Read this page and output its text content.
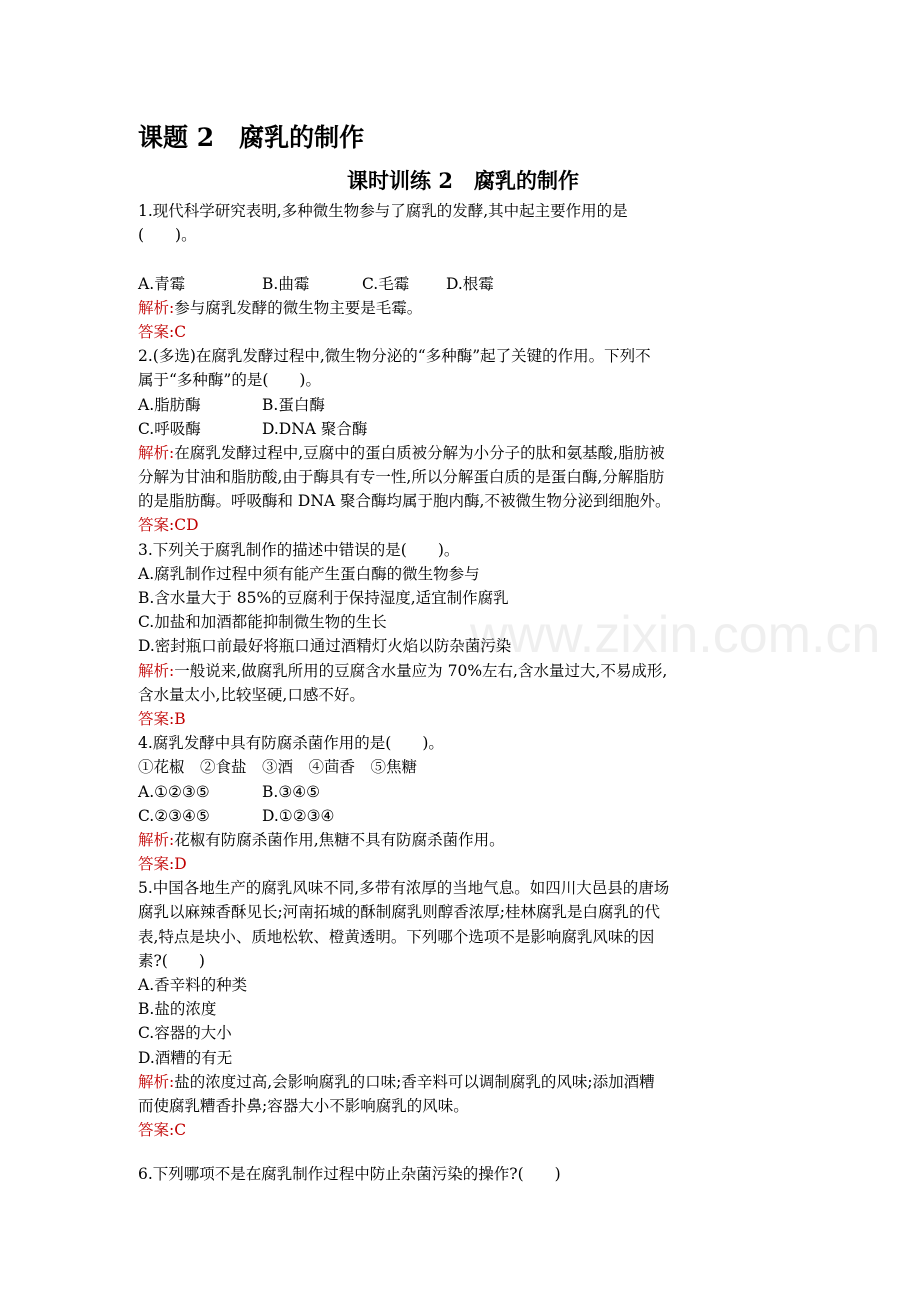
课题 2　腐乳的制作
课时训练 2　腐乳的制作
1.现代科学研究表明,多种微生物参与了腐乳的发酵,其中起主要作用的是
(　　)。
A.青霉	B.曲霉	C.毛霉 D.根霉
解析:参与腐乳发酵的微生物主要是毛霉。
答案:C
2.(多选)在腐乳发酵过程中,微生物分泌的“多种酶”起了关键的作用。下列不
属于“多种酶”的是(　　)。
A.脂肪酶	B.蛋白酶
C.呼吸酶	D.DNA 聚合酶
解析:在腐乳发酵过程中,豆腐中的蛋白质被分解为小分子的肽和氨基酸,脂肪被
分解为甘油和脂肪酸,由于酶具有专一性,所以分解蛋白质的是蛋白酶,分解脂肪
的是脂肪酶。呼吸酶和 DNA 聚合酶均属于胞内酶,不被微生物分泌到细胞外。
答案:CD
3.下列关于腐乳制作的描述中错误的是(　　)。
A.腐乳制作过程中须有能产生蛋白酶的微生物参与
B.含水量大于 85%的豆腐利于保持湿度,适宜制作腐乳
C.加盐和加酒都能抑制微生物的生长
D.密封瓶口前最好将瓶口通过酒精灯火焰以防杂菌污染
解析:一般说来,做腐乳所用的豆腐含水量应为 70%左右,含水量过大,不易成形,
含水量太小,比较坚硬,口感不好。
答案:B
4.腐乳发酵中具有防腐杀菌作用的是(　　)。
①花椒　②食盐　③酒　④茴香　⑤焦糖
A.①②③⑤	B.③④⑤
C.②③④⑤	D.①②③④
解析:花椒有防腐杀菌作用,焦糖不具有防腐杀菌作用。
答案:D
5.中国各地生产的腐乳风味不同,多带有浓厚的当地气息。如四川大邑县的唐场
腐乳以麻辣香酥见长;河南拓城的酥制腐乳则醇香浓厚;桂林腐乳是白腐乳的代
表,特点是块小、质地松软、橙黄透明。下列哪个选项不是影响腐乳风味的因
素?(　　)
A.香辛料的种类
B.盐的浓度
C.容器的大小
D.酒糟的有无
解析:盐的浓度过高,会影响腐乳的口味;香辛料可以调制腐乳的风味;添加酒糟
而使腐乳糟香扑鼻;容器大小不影响腐乳的风味。
答案:C
6.下列哪项不是在腐乳制作过程中防止杂菌污染的操作?(　　)
www.zixin.com.cn
